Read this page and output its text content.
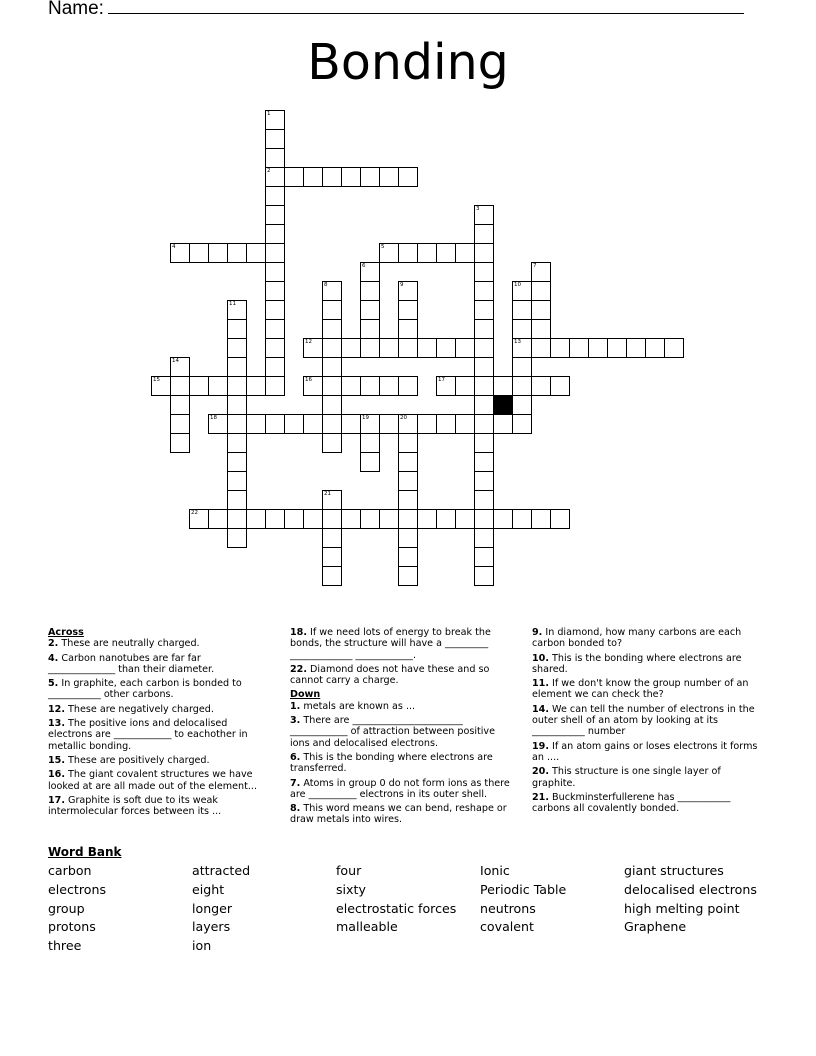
Name:
Bonding
1
2
3
4	5
6	7
8	9	10
13
11
12
14
15	16	17
18	19	20
21
22
Across
2. These are neutrally charged.
4. Carbon nanotubes are far far ______________ than their diameter.
5. In graphite, each carbon is bonded to ___________ other carbons.
12. These are negatively charged.
13. The positive ions and delocalised electrons are ____________ to eachother in metallic bonding.
15. These are positively charged.
16. The giant covalent structures we have looked at are all made out of the element...
17. Graphite is soft due to its weak intermolecular forces between its ...
18. If we need lots of energy to break the bonds, the structure will have a _________ _____________ ____________.
22. Diamond does not have these and so cannot carry a charge.
Down
1. metals are known as ...
3. There are _______________________ ____________ of attraction between positive ions and delocalised electrons.
6. This is the bonding where electrons are transferred.
7. Atoms in group 0 do not form ions as there are __________ electrons in its outer shell.
8. This word means we can bend, reshape or draw metals into wires.
9. In diamond, how many carbons are each carbon bonded to?
10. This is the bonding where electrons are shared.
11. If we don't know the group number of an element we can check the?
14. We can tell the number of electrons in the outer shell of an atom by looking at its ___________ number
19. If an atom gains or loses electrons it forms an ....
20. This structure is one single layer of graphite.
21. Buckminsterfullerene has ___________ carbons all covalently bonded.
Word Bank
carbon
electrons
group
protons
three
attracted
eight
longer
layers
ion
four
sixty
electrostatic forces
malleable
Ionic
Periodic Table
neutrons
covalent
giant structures
delocalised electrons
high melting point
Graphene
